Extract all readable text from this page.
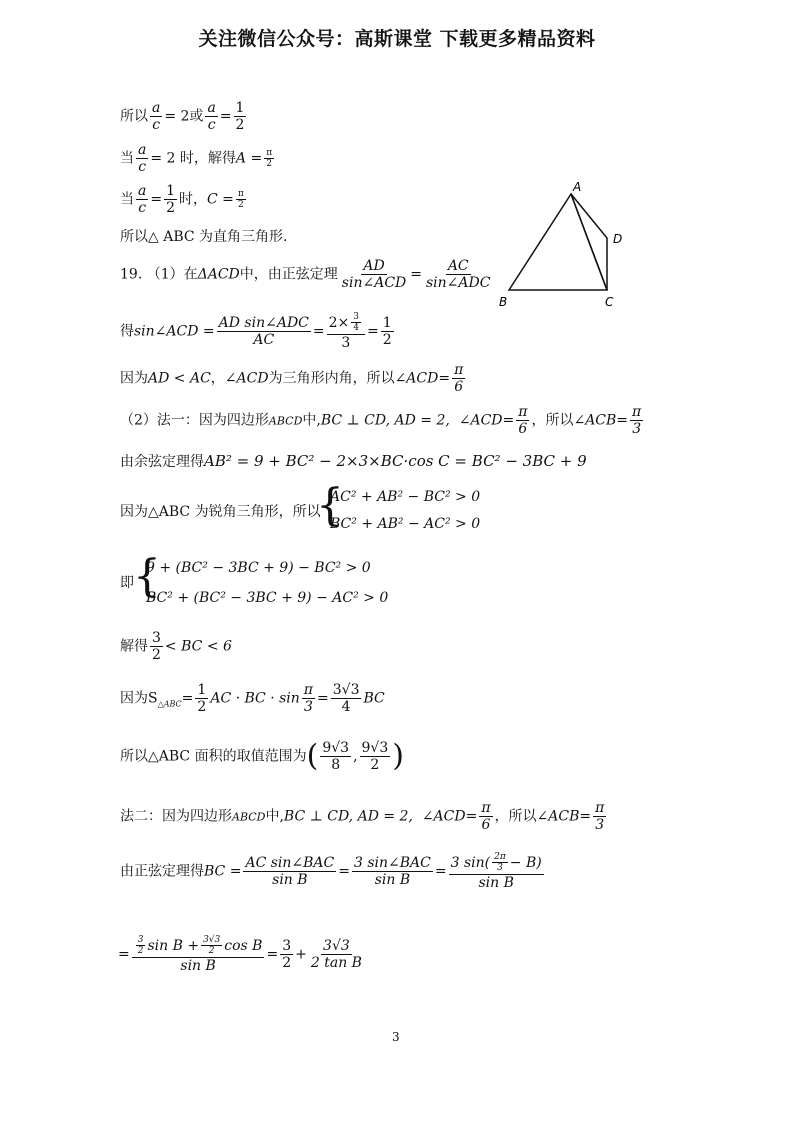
关注微信公众号：高斯课堂 下载更多精品资料
所以 $\frac{a}{c} = 2$或 $\frac{a}{c} = \frac{1}{2}$
当 $\frac{a}{c} = 2$ 时，解得$A = \frac{\pi}{2}$
当 $\frac{a}{c} = \frac{1}{2}$ 时，$C = \frac{\pi}{2}$
所以△ ABC 为直角三角形.
A
D
B	C
19. （1）在ΔACD中，由正弦定理
AD
sin∠ACD
=
AC
sin∠ADC
得sin∠ACD =
AD sin∠ADC
AC
= $\frac{2\times \frac{3}{4}}{3} = \frac{1}{2}$
因为AD < AC，∠ACD为三角形内角，所以∠ACD= $\frac{\pi}{6}$
（2）法一：因为四边形ABCD中,BC ⊥ CD, AD = 2, ∠ACD= $\frac{\pi}{6}$ ，所以∠ACB= $\frac{\pi}{3}$
由余弦定理得AB² = 9 + BC² − 2×3×BC·cos C = BC² − 3BC + 9
因为△ABC 为锐角三角形，所以
{
AC² + AB² − BC² > 0
BC² + AB² − AC² > 0
即 {
9 + (BC² − 3BC + 9) − BC² > 0
BC² + (BC² − 3BC + 9) − AC² > 0
解得 $\frac{3}{2}$ < BC < 6
因为$S_{\triangle ABC}= \frac{1}{2}$ AC · BC · $\sin \frac{\pi}{3} = \frac{3√3}{4}$ BC
所以△ABC 面积的取值范围为( $\frac{9√3}{8}$ , $\frac{9√3}{2}$ )
法二：因为四边形ABCD中,BC ⊥ CD, AD = 2, ∠ACD= $\frac{\pi}{6}$ ，所以∠ACB= $\frac{\pi}{3}$
由正弦定理得BC =
AC sin∠BAC
sin B
=
3 sin∠BAC
sin B
= $\frac{3 \sin( \frac{2\pi}{3} - B)}{\text{sin B}}$
= $\frac{\frac{3}{2} \sin B + \frac{3√3}{2} \cos B}{\text{sin B}} = \frac{3}{2} + \frac{3√3}{\text{2 tan B}}$
3
